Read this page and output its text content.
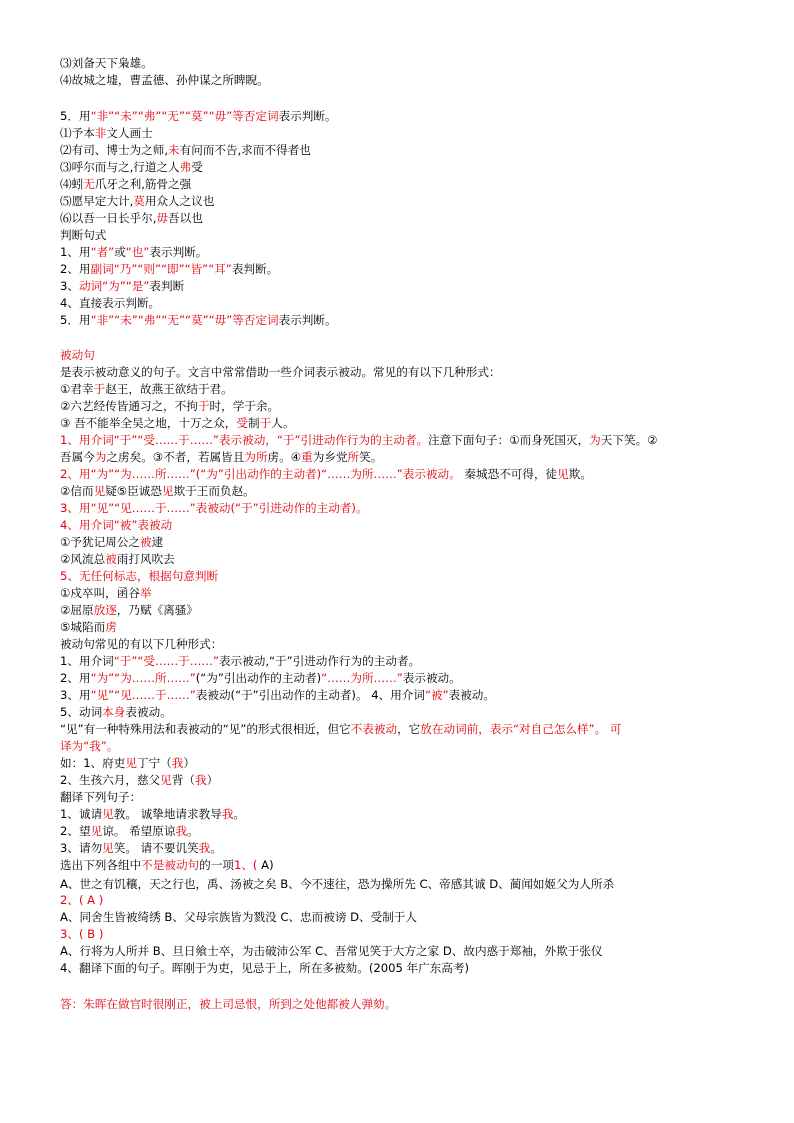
⑶刘备天下枭雄。
⑷故城之墟，曹孟德、孙仲谋之所睥睨。
5．用“非”“未”“弗”“无”“莫”“毋”等否定词表示判断。
⑴予本非文人画士
⑵有司、博士为之师,未有问而不告,求而不得者也
⑶呼尔而与之,行道之人弗受
⑷蚓无爪牙之利,筋骨之强
⑸愿早定大计,莫用众人之议也
⑹以吾一日长乎尔,毋吾以也
判断句式
1、用“者”或“也”表示判断。
2、用副词“乃”“则”“即”“皆”“耳”表判断。
3、动词“为”“是”表判断
4、直接表示判断。
5．用“非”“未”“弗”“无”“莫”“毋”等否定词表示判断。
被动句
是表示被动意义的句子。文言中常常借助一些介词表示被动。常见的有以下几种形式：
①君幸于赵王，故燕王欲结于君。
②六艺经传皆通习之，不拘于时，学于余。
③ 吾不能举全吴之地，十万之众，受制于人。
1、用介词“于”“受……于……”表示被动，“于”引进动作行为的主动者。注意下面句子：①而身死国灭，为天下笑。②
吾属今为之虏矣。③不者，若属皆且为所虏。④重为乡党所笑。
2、用“为”“为……所……”(“为”引出动作的主动者)“……为所……”表示被动。 秦城恐不可得，徒见欺。
②信而见疑⑤臣诚恐见欺于王而负赵。
3、用“见”“见……于……”表被动(“于”引进动作的主动者)。
4、用介词“被”表被动
①予犹记周公之被逮
②风流总被雨打风吹去
5、无任何标志，根据句意判断
①戍卒叫，函谷举
②屈原放逐，乃赋《离骚》
⑤城陷而虏
被动句常见的有以下几种形式：
1、用介词“于”“受……于……”表示被动,“于”引进动作行为的主动者。
2、用“为”“为……所……”(“为”引出动作的主动者)“……为所……”表示被动。
3、用“见”“见……于……”表被动(“于”引出动作的主动者)。 4、用介词“被”表被动。
5、动词本身表被动。
“见”有一种特殊用法和表被动的“见”的形式很相近，但它不表被动，它放在动词前，表示“对自己怎么样”。 可
译为“我”。
如：1、府吏见丁宁（我）
2、生孩六月，慈父见背（我）
翻译下列句子：
1、诚请见教。 诚挚地请求教导我。
2、望见谅。 希望原谅我。
3、请勿见笑。 请不要讥笑我。
选出下列各组中不是被动句的一项1、( A)
A、世之有饥穰，天之行也，禹、汤被之矣 B、今不速往，恐为操所先 C、帝感其诚 D、蔺闻如姬父为人所杀
2、( A )
A、同舍生皆被绮绣 B、父母宗族皆为戮没 C、忠而被谤 D、受制于人
3、( B )
A、行将为人所并 B、旦日飨士卒，为击破沛公军 C、吾常见笑于大方之家 D、故内惑于郑袖，外欺于张仪
4、翻译下面的句子。晖刚于为吏，见忌于上，所在多被劾。(2005 年广东高考)
答：朱晖在做官时很刚正，被上司忌恨，所到之处他都被人弹劾。
